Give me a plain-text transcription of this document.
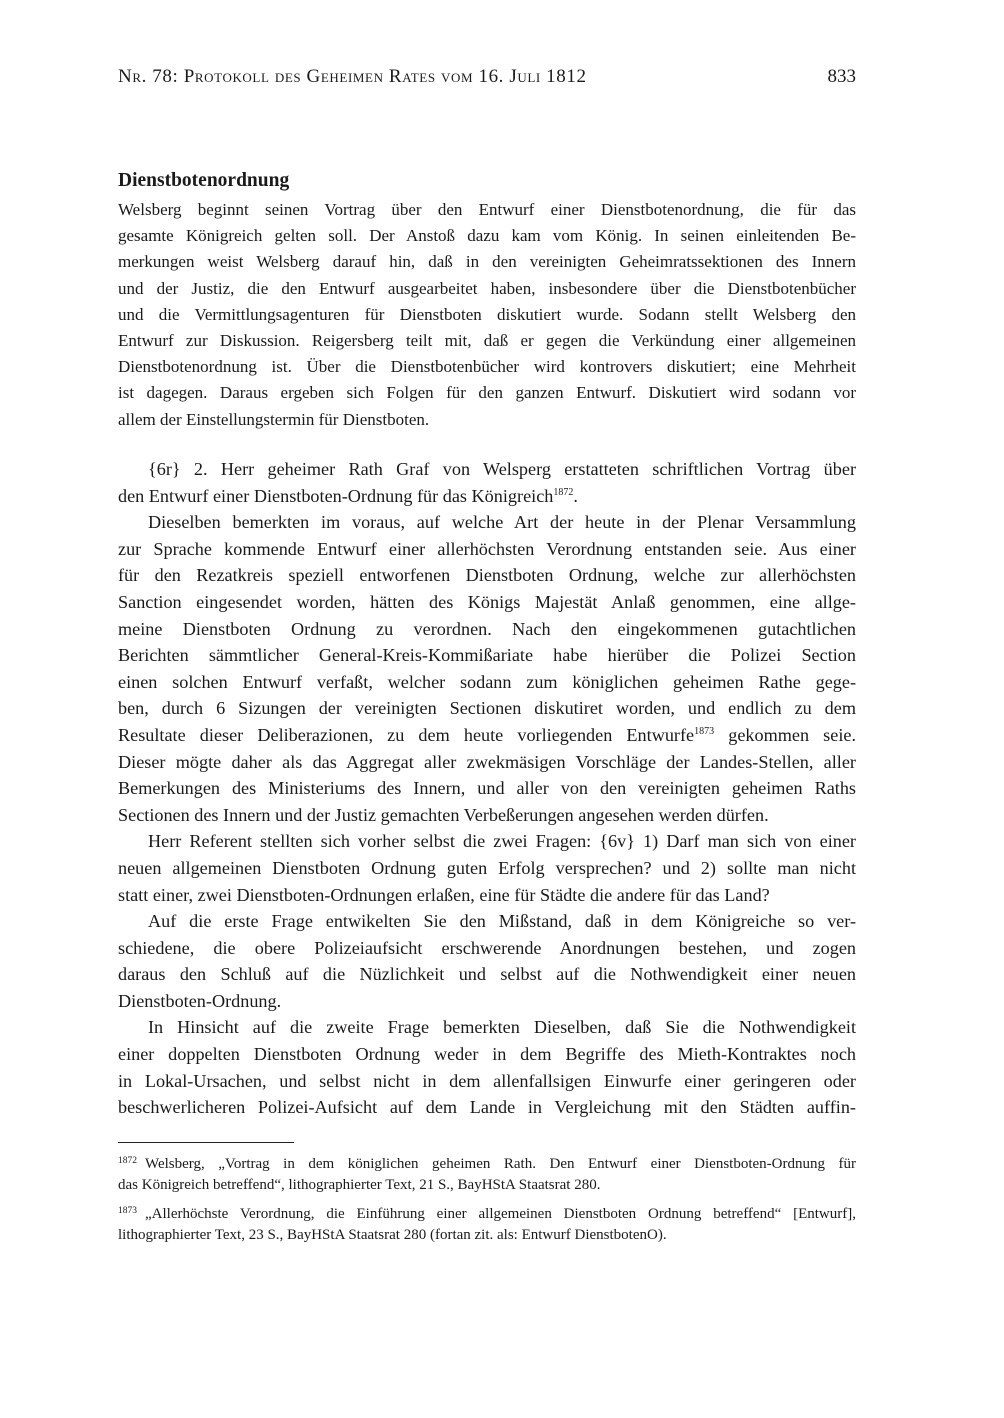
Nr. 78: Protokoll des Geheimen Rates vom 16. Juli 1812	833
Dienstbotenordnung
Welsberg beginnt seinen Vortrag über den Entwurf einer Dienstbotenordnung, die für das
gesamte Königreich gelten soll. Der Anstoß dazu kam vom König. In seinen einleitenden Be-
merkungen weist Welsberg darauf hin, daß in den vereinigten Geheimratssektionen des Innern
und der Justiz, die den Entwurf ausgearbeitet haben, insbesondere über die Dienstbotenbücher
und die Vermittlungsagenturen für Dienstboten diskutiert wurde. Sodann stellt Welsberg den
Entwurf zur Diskussion. Reigersberg teilt mit, daß er gegen die Verkündung einer allgemeinen
Dienstbotenordnung ist. Über die Dienstbotenbücher wird kontrovers diskutiert; eine Mehrheit
ist dagegen. Daraus ergeben sich Folgen für den ganzen Entwurf. Diskutiert wird sodann vor
allem der Einstellungstermin für Dienstboten.
{6r} 2. Herr geheimer Rath Graf von Welsperg erstatteten schriftlichen Vortrag über
den Entwurf einer Dienstboten-Ordnung für das Königreich$^{1872}$.
Dieselben bemerkten im voraus, auf welche Art der heute in der Plenar Versammlung
zur Sprache kommende Entwurf einer allerhöchsten Verordnung entstanden seie. Aus einer
für den Rezatkreis speziell entworfenen Dienstboten Ordnung, welche zur allerhöchsten
Sanction eingesendet worden, hätten des Königs Majestät Anlaß genommen, eine allge-
meine Dienstboten Ordnung zu verordnen. Nach den eingekommenen gutachtlichen
Berichten sämmtlicher General-Kreis-Kommißariate habe hierüber die Polizei Section
einen solchen Entwurf verfaßt, welcher sodann zum königlichen geheimen Rathe gege-
ben, durch 6 Sizungen der vereinigten Sectionen diskutiret worden, und endlich zu dem
Resultate dieser Deliberazionen, zu dem heute vorliegenden Entwurfe$^{1873}$ gekommen seie.
Dieser mögte daher als das Aggregat aller zwekmäsigen Vorschläge der Landes-Stellen, aller
Bemerkungen des Ministeriums des Innern, und aller von den vereinigten geheimen Raths
Sectionen des Innern und der Justiz gemachten Verbeßerungen angesehen werden dürfen.
Herr Referent stellten sich vorher selbst die zwei Fragen: {6v} 1) Darf man sich von einer
neuen allgemeinen Dienstboten Ordnung guten Erfolg versprechen? und 2) sollte man nicht
statt einer, zwei Dienstboten-Ordnungen erlaßen, eine für Städte die andere für das Land?
Auf die erste Frage entwikelten Sie den Mißstand, daß in dem Königreiche so ver-
schiedene, die obere Polizeiaufsicht erschwerende Anordnungen bestehen, und zogen
daraus den Schluß auf die Nüzlichkeit und selbst auf die Nothwendigkeit einer neuen
Dienstboten-Ordnung.
In Hinsicht auf die zweite Frage bemerkten Dieselben, daß Sie die Nothwendigkeit
einer doppelten Dienstboten Ordnung weder in dem Begriffe des Mieth-Kontraktes noch
in Lokal-Ursachen, und selbst nicht in dem allenfallsigen Einwurfe einer geringeren oder
beschwerlicheren Polizei-Aufsicht auf dem Lande in Vergleichung mit den Städten auffin-
$^{1872}$ Welsberg, „Vortrag in dem königlichen geheimen Rath. Den Entwurf einer Dienstboten-Ordnung für
das Königreich betreffend“, lithographierter Text, 21 S., BayHStA Staatsrat 280.
$^{1873}$ „Allerhöchste Verordnung, die Einführung einer allgemeinen Dienstboten Ordnung betreffend“ [Entwurf],
lithographierter Text, 23 S., BayHStA Staatsrat 280 (fortan zit. als: Entwurf DienstbotenO).
